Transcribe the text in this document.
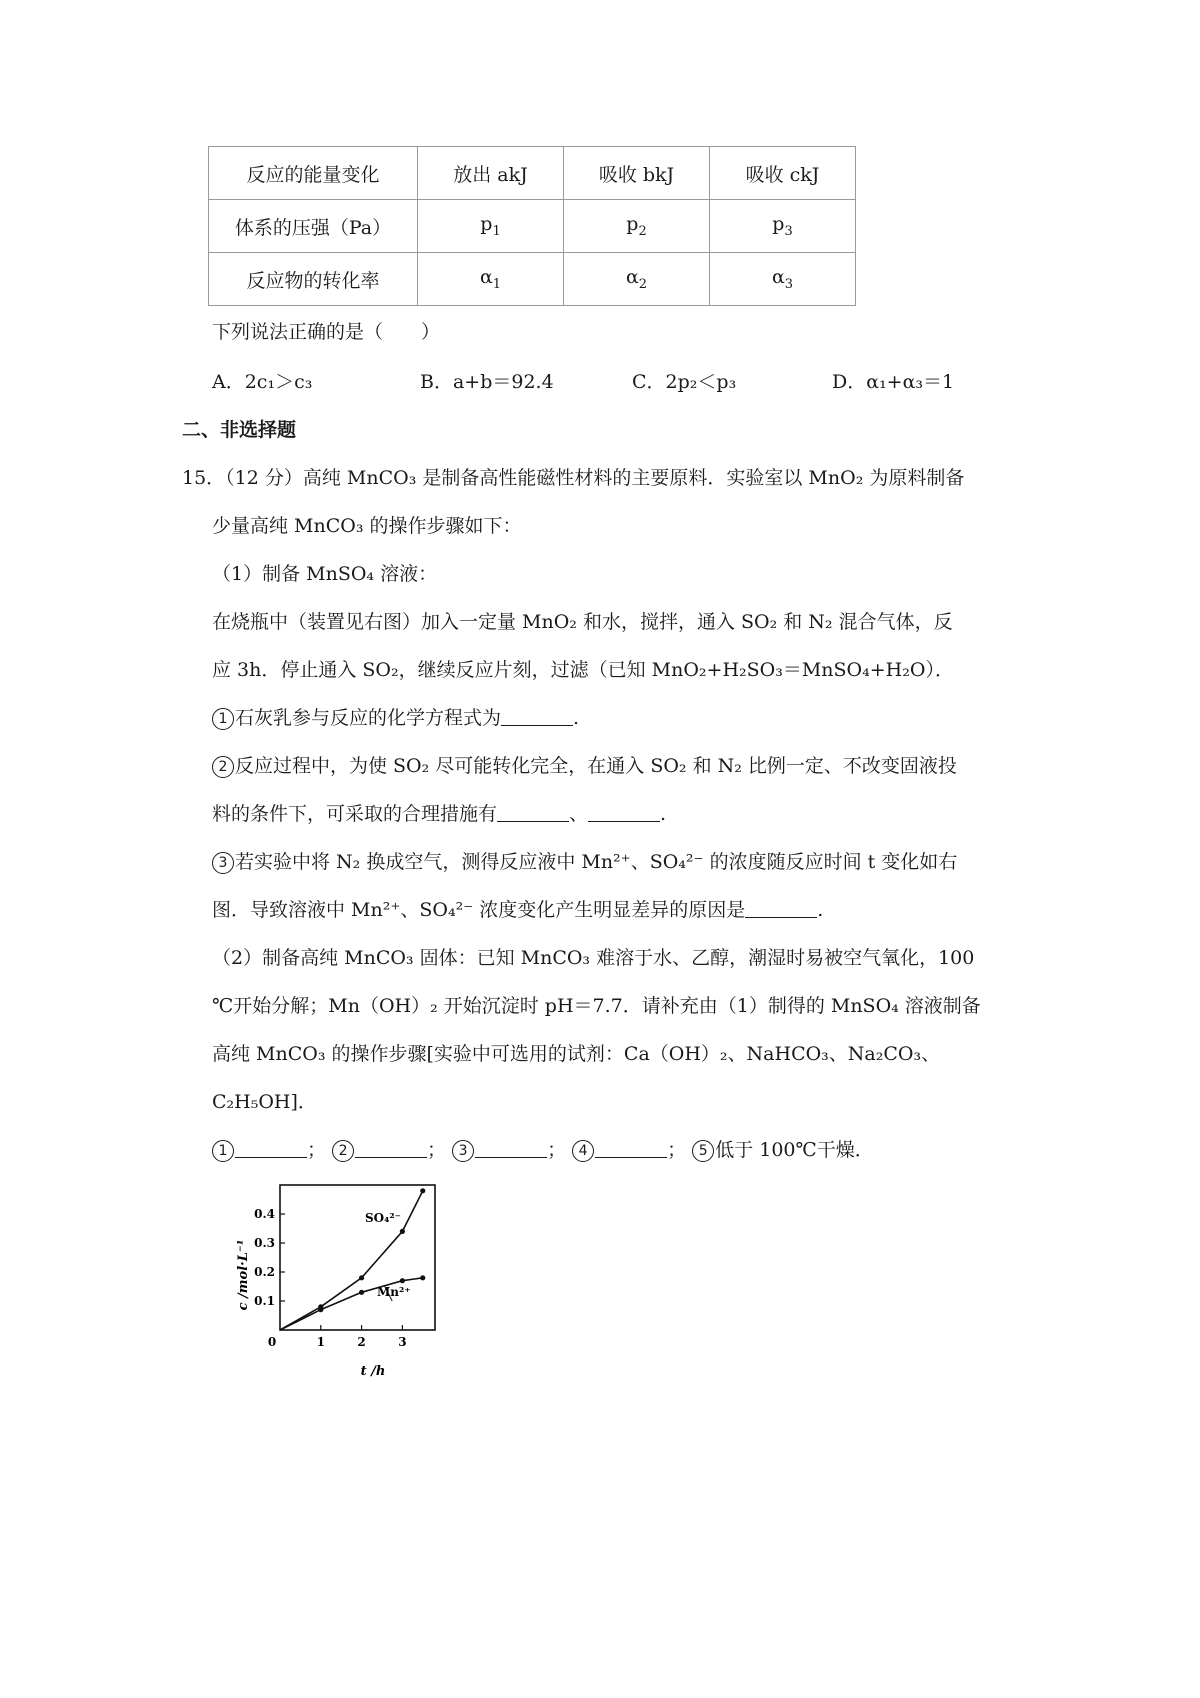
反应的能量变化	放出 akJ	吸收 bkJ	吸收 ckJ
体系的压强（Pa）	$p_1$	$p_2$	$p_3$
反应物的转化率	$\alpha_1$	$\alpha_2$	$\alpha_3$
下列说法正确的是（　　）
A．2c₁＞c₃	B．a+b＝92.4	C．2p₂＜p₃	D．α₁+α₃＝1
二、非选择题
15．（12 分）高纯 MnCO₃ 是制备高性能磁性材料的主要原料．实验室以 MnO₂ 为原料制备
少量高纯 MnCO₃ 的操作步骤如下：
（1）制备 MnSO₄ 溶液：
在烧瓶中（装置见右图）加入一定量 MnO₂ 和水，搅拌，通入 SO₂ 和 N₂ 混合气体，反
应 3h．停止通入 SO₂，继续反应片刻，过滤（已知 MnO₂+H₂SO₃＝MnSO₄+H₂O）．
1 石灰乳参与反应的化学方程式为	.
2 反应过程中，为使 SO₂ 尽可能转化完全，在通入 SO₂ 和 N₂ 比例一定、不改变固液投
料的条件下，可采取的合理措施有	、	.
3 若实验中将 N₂ 换成空气，测得反应液中 Mn²⁺、SO₄²⁻ 的浓度随反应时间 t 变化如右
图．导致溶液中 Mn²⁺、SO₄²⁻ 浓度变化产生明显差异的原因是	.
（2）制备高纯 MnCO₃ 固体：已知 MnCO₃ 难溶于水、乙醇，潮湿时易被空气氧化，100
℃开始分解；Mn（OH）₂ 开始沉淀时 pH＝7.7．请补充由（1）制得的 MnSO₄ 溶液制备
高纯 MnCO₃ 的操作步骤[实验中可选用的试剂：Ca（OH）₂、NaHCO₃、Na₂CO₃、
C₂H₅OH]．
1	； 2	； 3	； 4	； 5 低于 100℃干燥．
0.1
0.2
0.3
0.4
0	1	2	3
c /mol·L⁻¹
t /h
SO₄²⁻
Mn²⁺
